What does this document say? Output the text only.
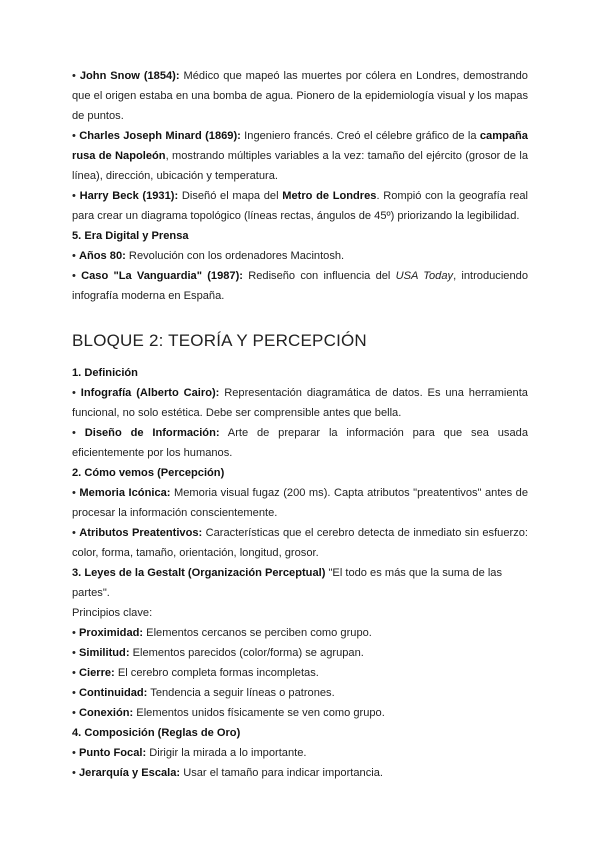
• John Snow (1854): Médico que mapeó las muertes por cólera en Londres, demostrando que el origen estaba en una bomba de agua. Pionero de la epidemiología visual y los mapas de puntos.

• Charles Joseph Minard (1869): Ingeniero francés. Creó el célebre gráfico de la campaña rusa de Napoleón, mostrando múltiples variables a la vez: tamaño del ejército (grosor de la línea), dirección, ubicación y temperatura.

• Harry Beck (1931): Diseñó el mapa del Metro de Londres. Rompió con la geografía real para crear un diagrama topológico (líneas rectas, ángulos de 45º) priorizando la legibilidad.

5. Era Digital y Prensa

• Años 80: Revolución con los ordenadores Macintosh.

• Caso "La Vanguardia" (1987): Rediseño con influencia del USA Today, introduciendo infografía moderna en España.

BLOQUE 2: TEORÍA Y PERCEPCIÓN

1. Definición

• Infografía (Alberto Cairo): Representación diagramática de datos. Es una herramienta funcional, no solo estética. Debe ser comprensible antes que bella.

• Diseño de Información: Arte de preparar la información para que sea usada eficientemente por los humanos.

2. Cómo vemos (Percepción)

• Memoria Icónica: Memoria visual fugaz (200 ms). Capta atributos "preatentivos" antes de procesar la información conscientemente.

• Atributos Preatentivos: Características que el cerebro detecta de inmediato sin esfuerzo: color, forma, tamaño, orientación, longitud, grosor.

3. Leyes de la Gestalt (Organización Perceptual) "El todo es más que la suma de las partes".

Principios clave:

• Proximidad: Elementos cercanos se perciben como grupo.

• Similitud: Elementos parecidos (color/forma) se agrupan.

• Cierre: El cerebro completa formas incompletas.

• Continuidad: Tendencia a seguir líneas o patrones.

• Conexión: Elementos unidos físicamente se ven como grupo.

4. Composición (Reglas de Oro)

• Punto Focal: Dirigir la mirada a lo importante.

• Jerarquía y Escala: Usar el tamaño para indicar importancia.
